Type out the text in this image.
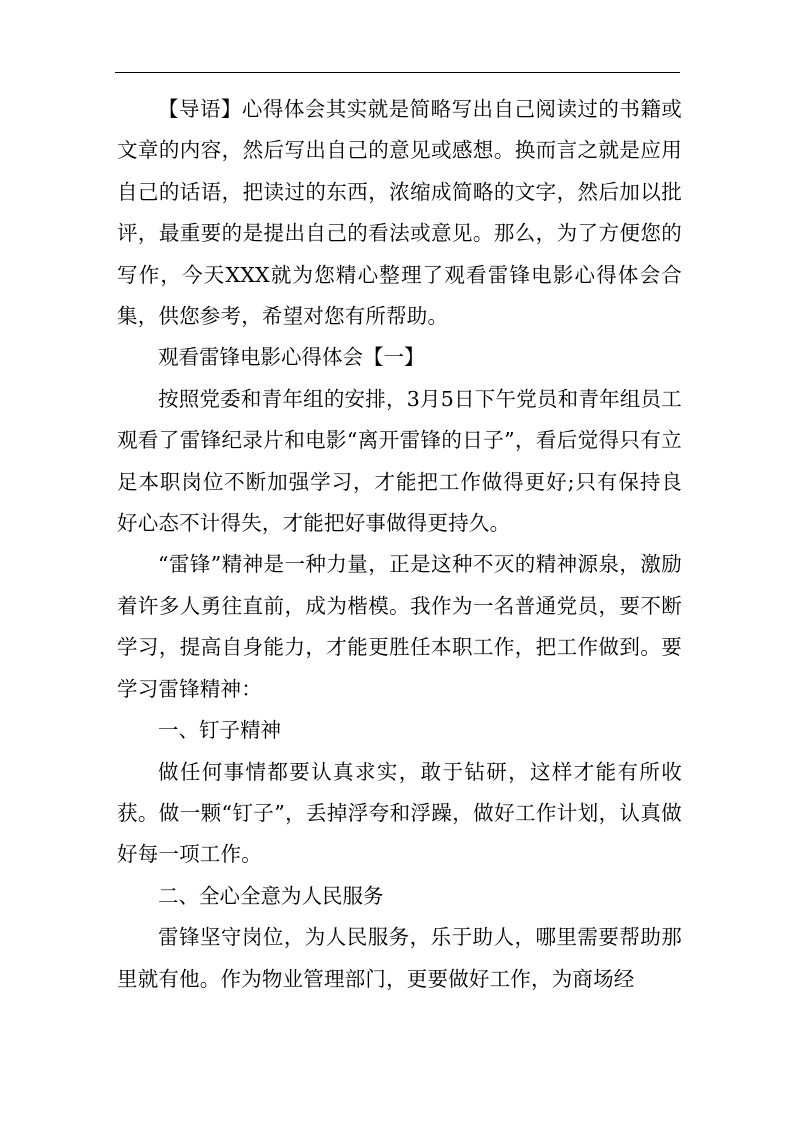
【导语】心得体会其实就是简略写出自己阅读过的书籍或文章的内容，然后写出自己的意见或感想。换而言之就是应用自己的话语，把读过的东西，浓缩成简略的文字，然后加以批评，最重要的是提出自己的看法或意见。那么，为了方便您的写作，今天XXX就为您精心整理了观看雷锋电影心得体会合集，供您参考，希望对您有所帮助。

观看雷锋电影心得体会【一】

按照党委和青年组的安排，3月5日下午党员和青年组员工观看了雷锋纪录片和电影“离开雷锋的日子”，看后觉得只有立足本职岗位不断加强学习，才能把工作做得更好;只有保持良好心态不计得失，才能把好事做得更持久。

“雷锋”精神是一种力量，正是这种不灭的精神源泉，激励着许多人勇往直前，成为楷模。我作为一名普通党员，要不断学习，提高自身能力，才能更胜任本职工作，把工作做到。要学习雷锋精神：

一、钉子精神

做任何事情都要认真求实，敢于钻研，这样才能有所收获。做一颗“钉子”，丢掉浮夸和浮躁，做好工作计划，认真做好每一项工作。

二、全心全意为人民服务

雷锋坚守岗位，为人民服务，乐于助人，哪里需要帮助那里就有他。作为物业管理部门，更要做好工作，为商场经
